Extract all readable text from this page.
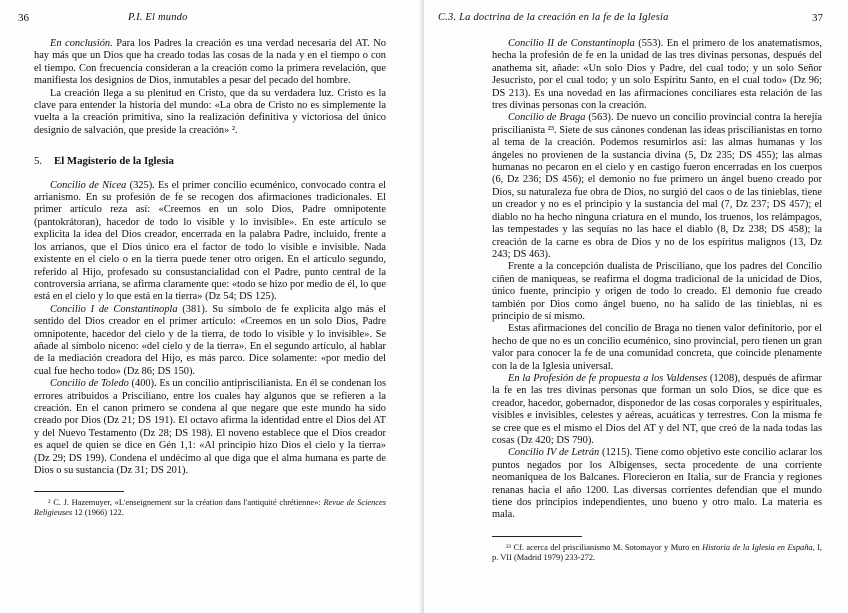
36	P.I. El mundo

En conclusión. Para los Padres la creación es una verdad necesaria del AT. No hay más que un Dios que ha creado todas las cosas de la nada y en el tiempo o con el tiempo. Con frecuencia consideran a la creación como la primera revelación, que manifiesta los designios de Dios, inmutables a pesar del pecado del hombre.

La creación llega a su plenitud en Cristo, que da su verdadera luz. Cristo es la clave para entender la historia del mundo: «La obra de Cristo no es simplemente la vuelta a la creación primitiva, sino la realización definitiva y victoriosa del único designio de salvación, que preside la creación» ².

5. El Magisterio de la Iglesia

Concilio de Nicea (325). Es el primer concilio ecuménico, convocado contra el arrianismo. En su profesión de fe se recogen dos afirmaciones tradicionales. El primer artículo reza así: «Creemos en un solo Dios, Padre omnipotente (pantokrátoran), hacedor de todo lo visible y lo invisible». En este artículo se explicita la idea del Dios creador, encerrada en la palabra Padre, incluido, frente a los arrianos, que el Dios único era el factor de todo lo visible e invisible. Nada existente en el cielo o en la tierra puede tener otro origen. En el artículo segundo, referido al Hijo, profesado su consustancialidad con el Padre, punto central de la controversia arriana, se afirma claramente que: «todo se hizo por medio de él, lo que está en el cielo y lo que está en la tierra» (Dz 54; DS 125).

Concilio I de Constantinopla (381). Su símbolo de fe explicita algo más el sentido del Dios creador en el primer artículo: «Creemos en un solo Dios, Padre omnipotente, hacedor del cielo y de la tierra, de todo lo visible y lo invisible». Se añade al símbolo niceno: «del cielo y de la tierra». En el segundo artículo, al hablar de la mediación creadora del Hijo, es más parco. Dice solamente: «por medio del cual fue hecho todo» (Dz 86; DS 150).

Concilio de Toledo (400). Es un concilio antipriscilianista. En él se condenan los errores atribuidos a Prisciliano, entre los cuales hay algunos que se refieren a la creación. En el canon primero se condena al que negare que este mundo ha sido creado por Dios (Dz 21; DS 191). El octavo afirma la identidad entre el Dios del AT y del Nuevo Testamento (Dz 28; DS 198). El noveno establece que el Dios creador es aquel de quien se dice en Gén 1,1: «Al principio hizo Dios el cielo y la tierra» (Dz 29; DS 199). Condena el undécimo al que diga que el alma humana es parte de Dios o su sustancia (Dz 31; DS 201).

² C. J. Hazemuyer, «L'enseignement sur la création dans l'antiquité chrétienne»: Revue de Sciences Religieuses 12 (1966) 122.

C.3. La doctrina de la creación en la fe de la Iglesia	37

Concilio II de Constantinopla (553). En el primero de los anatematismos, hecha la profesión de fe en la unidad de las tres divinas personas, después del anathema sit, añade: «Un solo Dios y Padre, del cual todo; y un solo Señor Jesucristo, por el cual todo; y un solo Espíritu Santo, en el cual todo» (Dz 96; DS 213). Es una novedad en las afirmaciones conciliares esta relación de las tres divinas personas con la creación.

Concilio de Braga (563). De nuevo un concilio provincial contra la herejía priscilianista ²³. Siete de sus cánones condenan las ideas priscilianistas en torno al tema de la creación. Podemos resumirlos así: las almas humanas y los ángeles no provienen de la sustancia divina (5, Dz 235; DS 455); las almas humanas no pecaron en el cielo y en castigo fueron encerradas en los cuerpos (6, Dz 236; DS 456); el demonio no fue primero un ángel bueno creado por Dios, su naturaleza fue obra de Dios, no surgió del caos o de las tinieblas, tiene un creador y no es el principio y la sustancia del mal (7, Dz 237; DS 457); el diablo no ha hecho ninguna criatura en el mundo, los truenos, los relámpagos, las tempestades y las sequías no las hace el diablo (8, Dz 238; DS 458); la creación de la carne es obra de Dios y no de los espíritus malignos (13, Dz 243; DS 463).

Frente a la concepción dualista de Prisciliano, que los padres del Concilio ciñen de maniqueas, se reafirma el dogma tradicional de la unicidad de Dios, único fuente, principio y origen de todo lo creado. El demonio fue creado también por Dios como ángel bueno, no ha salido de las tinieblas, ni es principio de sí mismo.

Estas afirmaciones del concilio de Braga no tienen valor definitorio, por el hecho de que no es un concilio ecuménico, sino provincial, pero tienen un gran valor para conocer la fe de una comunidad concreta, que coincide plenamente con la de la Iglesia universal.

En la Profesión de fe propuesta a los Valdenses (1208), después de afirmar la fe en las tres divinas personas que forman un solo Dios, se dice que es creador, hacedor, gobernador, disponedor de las cosas corporales y espirituales, visibles e invisibles, celestes y aéreas, acuáticas y terrestres. Con la misma fe se cree que es el mismo el Dios del AT y del NT, que creó de la nada todas las cosas (Dz 420; DS 790).

Concilio IV de Letrán (1215). Tiene como objetivo este concilio aclarar los puntos negados por los Albigenses, secta procedente de una corriente neomaniquea de los Balcanes. Florecieron en Italia, sur de Francia y regiones renanas hacia el año 1200. Las diversas corrientes defendían que el mundo tiene dos principios independientes, uno bueno y otro malo. La materia es mala.

²³ Cf. acerca del priscilianismo M. Sotomayor y Muro en Historia de la Iglesia en España, I, p. VII (Madrid 1979) 233-272.
